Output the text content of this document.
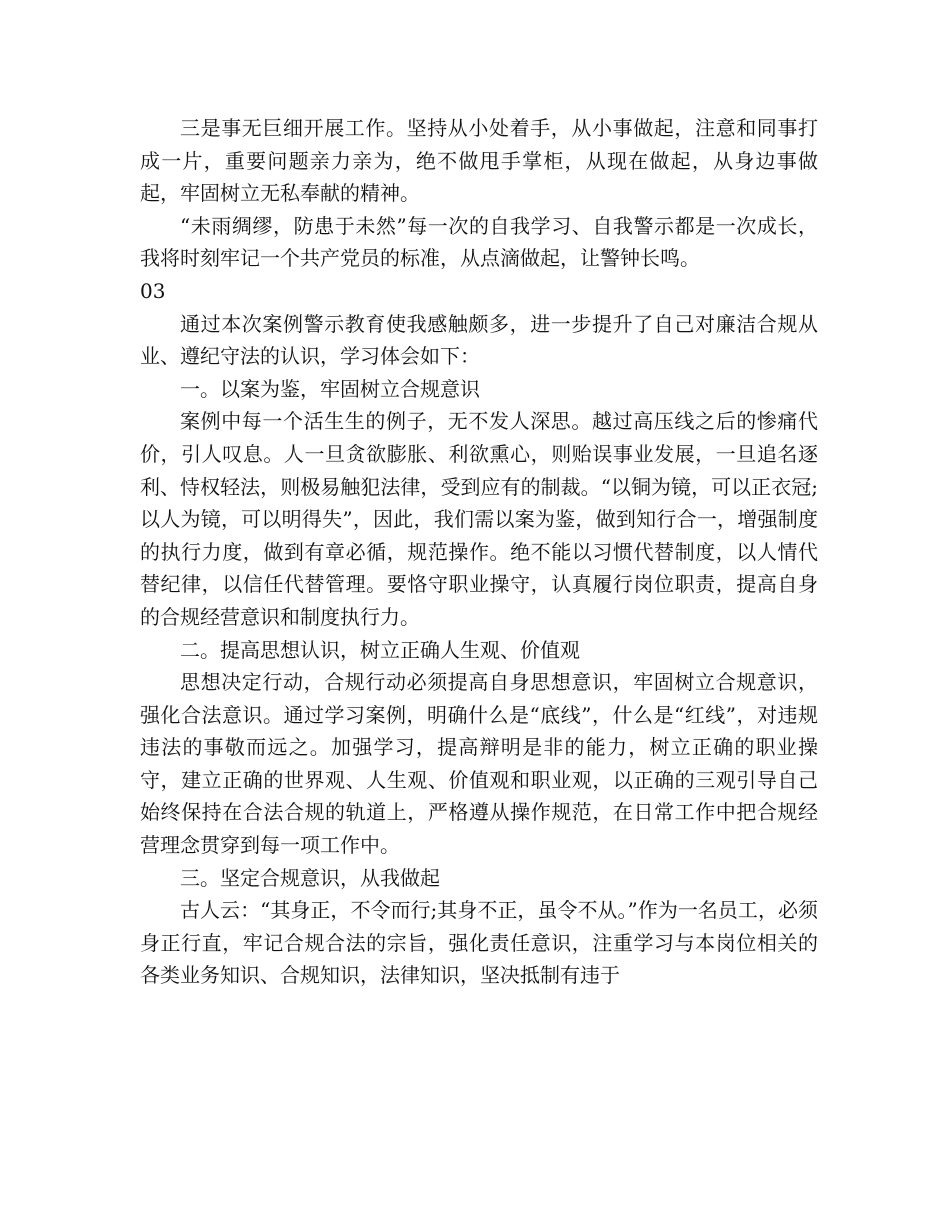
三是事无巨细开展工作。坚持从小处着手，从小事做起，注意和同事打成一片，重要问题亲力亲为，绝不做甩手掌柜，从现在做起，从身边事做起，牢固树立无私奉献的精神。

“未雨绸缪，防患于未然”每一次的自我学习、自我警示都是一次成长，我将时刻牢记一个共产党员的标准，从点滴做起，让警钟长鸣。

03

通过本次案例警示教育使我感触颇多，进一步提升了自己对廉洁合规从业、遵纪守法的认识，学习体会如下：

一。以案为鉴，牢固树立合规意识

案例中每一个活生生的例子，无不发人深思。越过高压线之后的惨痛代价，引人叹息。人一旦贪欲膨胀、利欲熏心，则贻误事业发展，一旦追名逐利、恃权轻法，则极易触犯法律，受到应有的制裁。“以铜为镜，可以正衣冠;以人为镜，可以明得失”，因此，我们需以案为鉴，做到知行合一，增强制度的执行力度，做到有章必循，规范操作。绝不能以习惯代替制度，以人情代替纪律，以信任代替管理。要恪守职业操守，认真履行岗位职责，提高自身的合规经营意识和制度执行力。

二。提高思想认识，树立正确人生观、价值观

思想决定行动，合规行动必须提高自身思想意识，牢固树立合规意识，强化合法意识。通过学习案例，明确什么是“底线”，什么是“红线”，对违规违法的事敬而远之。加强学习，提高辩明是非的能力，树立正确的职业操守，建立正确的世界观、人生观、价值观和职业观，以正确的三观引导自己始终保持在合法合规的轨道上，严格遵从操作规范，在日常工作中把合规经营理念贯穿到每一项工作中。

三。坚定合规意识，从我做起

古人云：“其身正，不令而行;其身不正，虽令不从。”作为一名员工，必须身正行直，牢记合规合法的宗旨，强化责任意识，注重学习与本岗位相关的各类业务知识、合规知识，法律知识，坚决抵制有违于
